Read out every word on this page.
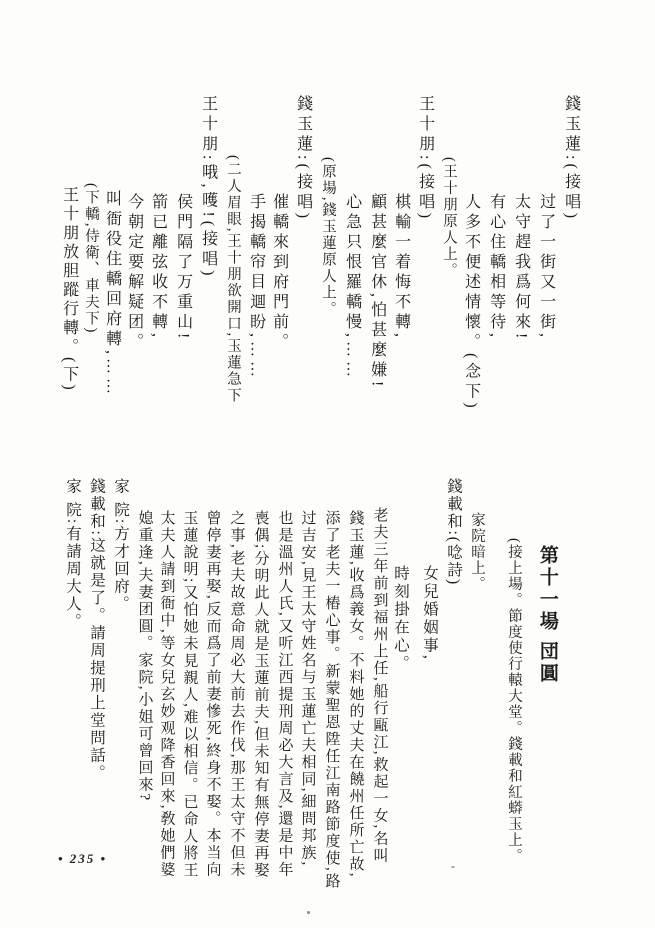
錢玉蓮:(接唱)
过了一街又一街,
太守趕我爲何來!
有心住轎相等待,
人多不便述情懷。(念下)
(王十朋原人上。
王十朋:(接唱)
棋輸一着悔不轉,
顧甚麼官休,怕甚麼嫌!
心急只恨羅轎慢,……
(原場,錢玉蓮原人上。
錢玉蓮:(接唱)
催轎來到府門前。
手揭轎帘目逥盼,……
(二人眉眼,王十朋欲開口,玉蓮急下
王十朋:哦,嚄!(接唱)
侯門隔了万重山!
箭已離弦收不轉,
今朝定要解疑团。
叫衙役住轎回府轉,……
(下轎,侍衛、車夫下)
王十朋放胆蹤行轉。(下)
第十一場 団圓
(接上場。節度使行轅大堂。錢載和紅蟒玉上。
家院暗上。
錢載和:(唸詩)
女兒婚姻事,
時刻掛在心。
老夫三年前到福州上任,船行甌江,救起一女,名叫
錢玉蓮,收爲義女。不料她的丈夫在饒州任所亡故,
添了老夫一樁心事。新蒙聖恩陞任江南路節度使,路
过吉安,見王太守姓名与玉蓮亡夫相同,細問邦族,
也是溫州人氏,又听江西提刑周必大言及,還是中年
喪偶;分明此人就是玉蓮前夫,但未知有無停妻再娶
之事,老夫故意命周必大前去作伐,那王太守不但未
曾停妻再娶,反而爲了前妻慘死,終身不娶。本当向
玉蓮說明;又怕她未見親人,难以相信。已命人將王
太夫人請到衙中,等女兒玄妙观降香回來,敎她們婆
媳重逢,夫妻团圓。家院,小姐可曾回來?
家 院:方才回府。
錢載和:这就是了。請周提刑上堂問話。
家 院:有請周大人。
• 235 •
